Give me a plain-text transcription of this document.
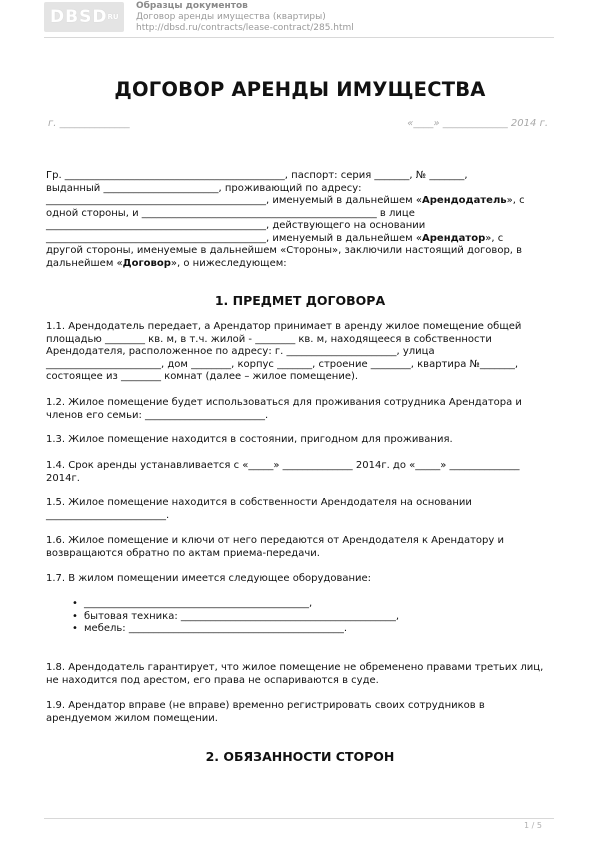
$DBSD^{RU}$
Образцы документов
Договор аренды имущества (квартиры)
http://dbsd.ru/contracts/lease-contract/285.html
ДОГОВОР АРЕНДЫ ИМУЩЕСТВА
г. ______________	«____» _____________ 2014 г.

Гр. ____________________________________________, паспорт: серия _______, № _______,

выданный _______________________, проживающий по адресу:

____________________________________________, именуемый в дальнейшем «Арендодатель», с

одной стороны, и _______________________________________________ в лице

____________________________________________, действующего на основании

____________________________________________, именуемый в дальнейшем «Арендатор», с

другой стороны, именуемые в дальнейшем «Стороны», заключили настоящий договор, в

дальнейшем «Договор», о нижеследующем:

1. ПРЕДМЕТ ДОГОВОРА

1.1. Арендодатель передает, а Арендатор принимает в аренду жилое помещение общей

площадью ________ кв. м, в т.ч. жилой - ________ кв. м, находящееся в собственности

Арендодателя, расположенное по адресу: г. ______________________, улица

_______________________, дом ________, корпус _______, строение ________, квартира №_______,

состоящее из ________ комнат (далее – жилое помещение).

1.2. Жилое помещение будет использоваться для проживания сотрудника Арендатора и

членов его семьи: ________________________.

1.3. Жилое помещение находится в состоянии, пригодном для проживания.

1.4. Срок аренды устанавливается с «_____» ______________ 2014г. до «_____» ______________

2014г.

1.5. Жилое помещение находится в собственности Арендодателя на основании

________________________.

1.6. Жилое помещение и ключи от него передаются от Арендодателя к Арендатору и

возвращаются обратно по актам приема-передачи.

1.7. В жилом помещении имеется следующее оборудование:

• _____________________________________________,
• бытовая техника: ___________________________________________,
• мебель: ___________________________________________.

1.8. Арендодатель гарантирует, что жилое помещение не обременено правами третьих лиц,

не находится под арестом, его права не оспариваются в суде.

1.9. Арендатор вправе (не вправе) временно регистрировать своих сотрудников в

арендуемом жилом помещении.

2. ОБЯЗАННОСТИ СТОРОН
1 / 5
